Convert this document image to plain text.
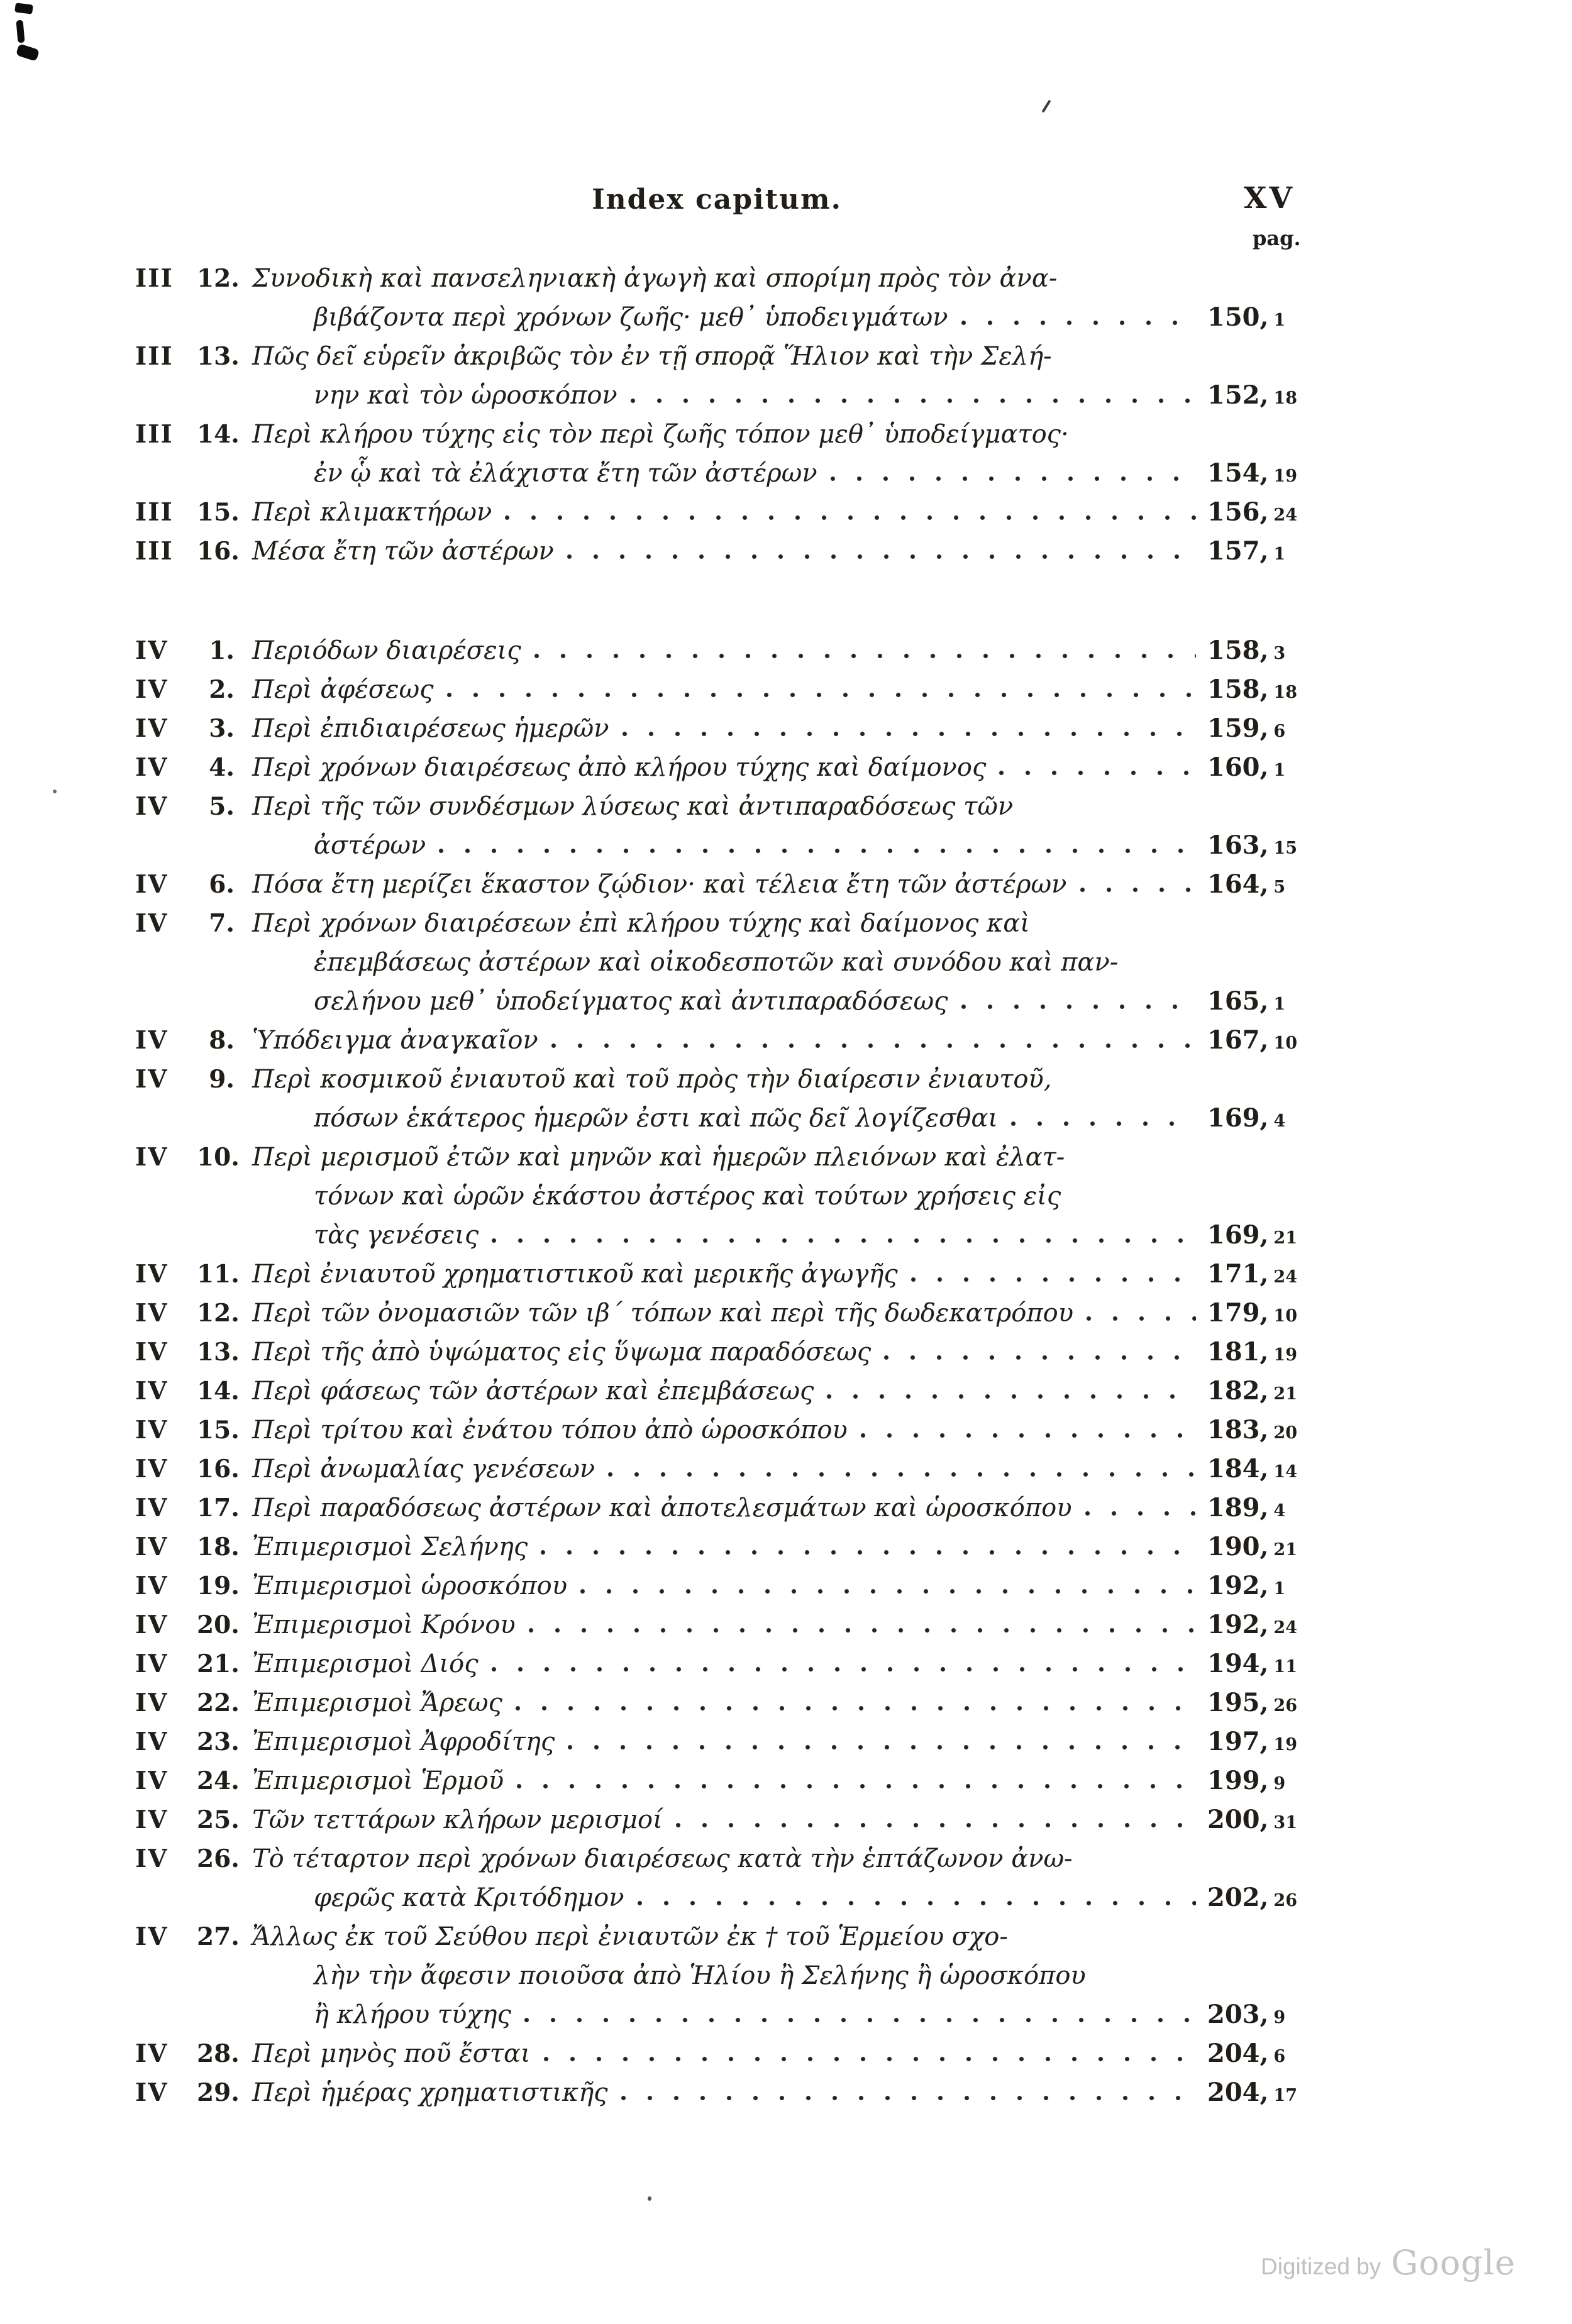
Index capitum.	XV
pag.
III 12. Συνοδικὴ καὶ πανσεληνιακὴ ἀγωγὴ καὶ σπορίμη πρὸς τὸν ἀνα-
βιβάζοντα περὶ χρόνων ζωῆς· μεθ᾽ ὑποδειγμάτων	150, 1
III 13. Πῶς δεῖ εὑρεῖν ἀκριβῶς τὸν ἐν τῇ σπορᾷ Ἥλιον καὶ τὴν Σελή-
νην καὶ τὸν ὡροσκόπον	152, 18
III 14. Περὶ κλήρου τύχης εἰς τὸν περὶ ζωῆς τόπον μεθ᾽ ὑποδείγματος·
ἐν ᾧ καὶ τὰ ἐλάχιστα ἔτη τῶν ἀστέρων	154, 19
III 15. Περὶ κλιμακτήρων	156, 24
III 16. Μέσα ἔτη τῶν ἀστέρων	157, 1
IV	1. Περιόδων διαιρέσεις	158, 3
IV	2. Περὶ ἀφέσεως	158, 18
IV	3. Περὶ ἐπιδιαιρέσεως ἡμερῶν	159, 6
IV	4. Περὶ χρόνων διαιρέσεως ἀπὸ κλήρου τύχης καὶ δαίμονος	160, 1
IV	5. Περὶ τῆς τῶν συνδέσμων λύσεως καὶ ἀντιπαραδόσεως τῶν
ἀστέρων	163, 15
IV	6. Πόσα ἔτη μερίζει ἕκαστον ζῴδιον· καὶ τέλεια ἔτη τῶν ἀστέρων	164, 5
IV	7. Περὶ χρόνων διαιρέσεων ἐπὶ κλήρου τύχης καὶ δαίμονος καὶ
ἐπεμβάσεως ἀστέρων καὶ οἰκοδεσποτῶν καὶ συνόδου καὶ παν-
σελήνου μεθ᾽ ὑποδείγματος καὶ ἀντιπαραδόσεως	165, 1
IV	8. Ὑπόδειγμα ἀναγκαῖον	167, 10
IV	9. Περὶ κοσμικοῦ ἐνιαυτοῦ καὶ τοῦ πρὸς τὴν διαίρεσιν ἐνιαυτοῦ,
πόσων ἑκάτερος ἡμερῶν ἐστι καὶ πῶς δεῖ λογίζεσθαι	169, 4
IV	10. Περὶ μερισμοῦ ἐτῶν καὶ μηνῶν καὶ ἡμερῶν πλειόνων καὶ ἐλατ-
τόνων καὶ ὡρῶν ἑκάστου ἀστέρος καὶ τούτων χρήσεις εἰς
τὰς γενέσεις	169, 21
IV	11. Περὶ ἐνιαυτοῦ χρηματιστικοῦ καὶ μερικῆς ἀγωγῆς	171, 24
IV	12. Περὶ τῶν ὀνομασιῶν τῶν ιβ΄ τόπων καὶ περὶ τῆς δωδεκατρόπου	179, 10
IV	13. Περὶ τῆς ἀπὸ ὑψώματος εἰς ὕψωμα παραδόσεως	181, 19
IV	14. Περὶ φάσεως τῶν ἀστέρων καὶ ἐπεμβάσεως	182, 21
IV	15. Περὶ τρίτου καὶ ἐνάτου τόπου ἀπὸ ὡροσκόπου	183, 20
IV	16. Περὶ ἀνωμαλίας γενέσεων	184, 14
IV	17. Περὶ παραδόσεως ἀστέρων καὶ ἀποτελεσμάτων καὶ ὡροσκόπου	189, 4
IV	18. Ἐπιμερισμοὶ Σελήνης	190, 21
IV	19. Ἐπιμερισμοὶ ὡροσκόπου	192, 1
IV	20. Ἐπιμερισμοὶ Κρόνου	192, 24
IV	21. Ἐπιμερισμοὶ Διός	194, 11
IV	22. Ἐπιμερισμοὶ Ἄρεως	195, 26
IV	23. Ἐπιμερισμοὶ Ἀφροδίτης	197, 19
IV	24. Ἐπιμερισμοὶ Ἑρμοῦ	199, 9
IV	25. Τῶν τεττάρων κλήρων μερισμοί	200, 31
IV	26. Τὸ τέταρτον περὶ χρόνων διαιρέσεως κατὰ τὴν ἑπτάζωνον ἀνω-
φερῶς κατὰ Κριτόδημον	202, 26
IV	27. Ἄλλως ἐκ τοῦ Σεύθου περὶ ἐνιαυτῶν ἐκ † τοῦ Ἑρμείου σχο-
λὴν τὴν ἄφεσιν ποιοῦσα ἀπὸ Ἡλίου ἢ Σελήνης ἢ ὡροσκόπου
ἢ κλήρου τύχης	203, 9
IV	28. Περὶ μηνὸς ποῦ ἔσται	204, 6
IV	29. Περὶ ἡμέρας χρηματιστικῆς	204, 17
Digitized by Google
